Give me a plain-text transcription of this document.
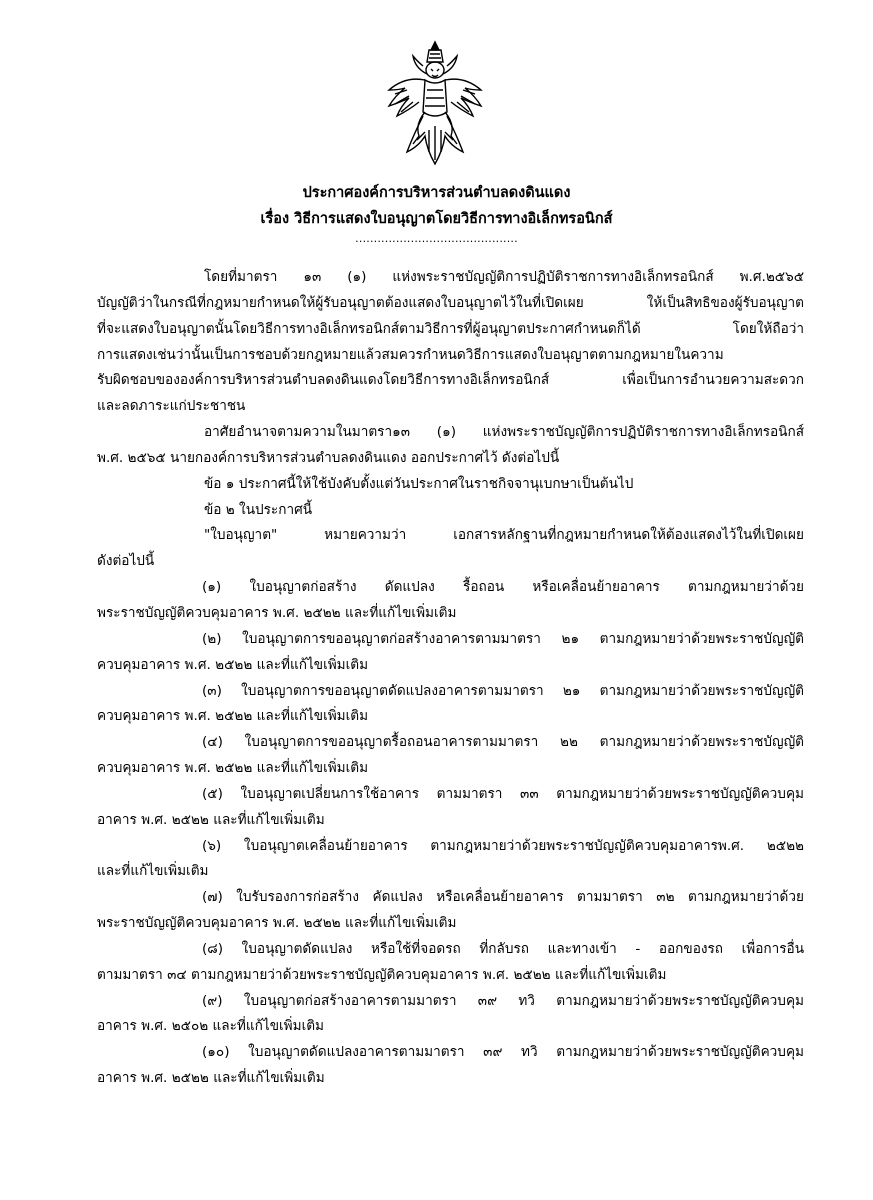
ประกาศองค์การบริหารส่วนตำบลดงดินแดง
เรื่อง วิธีการแสดงใบอนุญาตโดยวิธีการทางอิเล็กทรอนิกส์
............................................
โดยที่มาตรา ๑๓ (๑) แห่งพระราชบัญญัติการปฏิบัติราชการทางอิเล็กทรอนิกส์ พ.ศ.๒๕๖๕
บัญญัติว่าในกรณีที่กฎหมายกำหนดให้ผู้รับอนุญาตต้องแสดงใบอนุญาตไว้ในที่เปิดเผย ให้เป็นสิทธิของผู้รับอนุญาต
ที่จะแสดงใบอนุญาตนั้นโดยวิธีการทางอิเล็กทรอนิกส์ตามวิธีการที่ผู้อนุญาตประกาศกำหนดก็ได้ โดยให้ถือว่า
การแสดงเช่นว่านั้นเป็นการชอบด้วยกฎหมายแล้วสมควรกำหนดวิธีการแสดงใบอนุญาตตามกฎหมายในความ
รับผิดชอบขององค์การบริหารส่วนตำบลดงดินแดงโดยวิธีการทางอิเล็กทรอนิกส์ เพื่อเป็นการอำนวยความสะดวก
และลดภาระแก่ประชาชน
อาศัยอำนาจตามความในมาตรา๑๓ (๑) แห่งพระราชบัญญัติการปฏิบัติราชการทางอิเล็กทรอนิกส์
พ.ศ. ๒๕๖๕ นายกองค์การบริหารส่วนตำบลดงดินแดง ออกประกาศไว้ ดังต่อไปนี้
ข้อ ๑ ประกาศนี้ให้ใช้บังคับตั้งแต่วันประกาศในราชกิจจานุเบกษาเป็นต้นไป
ข้อ ๒ ในประกาศนี้
"ใบอนุญาต" หมายความว่า เอกสารหลักฐานที่กฎหมายกำหนดให้ต้องแสดงไว้ในที่เปิดเผย
ดังต่อไปนี้
(๑) ใบอนุญาตก่อสร้าง ดัดแปลง รื้อถอน หรือเคลื่อนย้ายอาคาร ตามกฎหมายว่าด้วย
พระราชบัญญัติควบคุมอาคาร พ.ศ. ๒๕๒๒ และที่แก้ไขเพิ่มเติม
(๒) ใบอนุญาตการขออนุญาตก่อสร้างอาคารตามมาตรา ๒๑ ตามกฎหมายว่าด้วยพระราชบัญญัติ
ควบคุมอาคาร พ.ศ. ๒๕๒๒ และที่แก้ไขเพิ่มเติม
(๓) ใบอนุญาตการขออนุญาตดัดแปลงอาคารตามมาตรา ๒๑ ตามกฎหมายว่าด้วยพระราชบัญญัติ
ควบคุมอาคาร พ.ศ. ๒๕๒๒ และที่แก้ไขเพิ่มเติม
(๔) ใบอนุญาตการขออนุญาตรื้อถอนอาคารตามมาตรา ๒๒ ตามกฎหมายว่าด้วยพระราชบัญญัติ
ควบคุมอาคาร พ.ศ. ๒๕๒๒ และที่แก้ไขเพิ่มเติม
(๕) ใบอนุญาตเปลี่ยนการใช้อาคาร ตามมาตรา ๓๓ ตามกฎหมายว่าด้วยพระราชบัญญัติควบคุม
อาคาร พ.ศ. ๒๕๒๒ และที่แก้ไขเพิ่มเติม
(๖) ใบอนุญาตเคลื่อนย้ายอาคาร ตามกฎหมายว่าด้วยพระราชบัญญัติควบคุมอาคารพ.ศ. ๒๕๒๒
และที่แก้ไขเพิ่มเติม
(๗) ใบรับรองการก่อสร้าง คัดแปลง หรือเคลื่อนย้ายอาคาร ตามมาตรา ๓๒ ตามกฎหมายว่าด้วย
พระราชบัญญัติควบคุมอาคาร พ.ศ. ๒๕๒๒ และที่แก้ไขเพิ่มเติม
(๘) ใบอนุญาตดัดแปลง หรือใช้ที่จอดรถ ที่กลับรถ และทางเข้า - ออกของรถ เพื่อการอื่น
ตามมาตรา ๓๔ ตามกฎหมายว่าด้วยพระราชบัญญัติควบคุมอาคาร พ.ศ. ๒๕๒๒ และที่แก้ไขเพิ่มเติม
(๙) ใบอนุญาตก่อสร้างอาคารตามมาตรา ๓๙ ทวิ ตามกฎหมายว่าด้วยพระราชบัญญัติควบคุม
อาคาร พ.ศ. ๒๕๐๒ และที่แก้ไขเพิ่มเติม
(๑๐) ใบอนุญาตดัดแปลงอาคารตามมาตรา ๓๙ ทวิ ตามกฎหมายว่าด้วยพระราชบัญญัติควบคุม
อาคาร พ.ศ. ๒๕๒๒ และที่แก้ไขเพิ่มเติม
